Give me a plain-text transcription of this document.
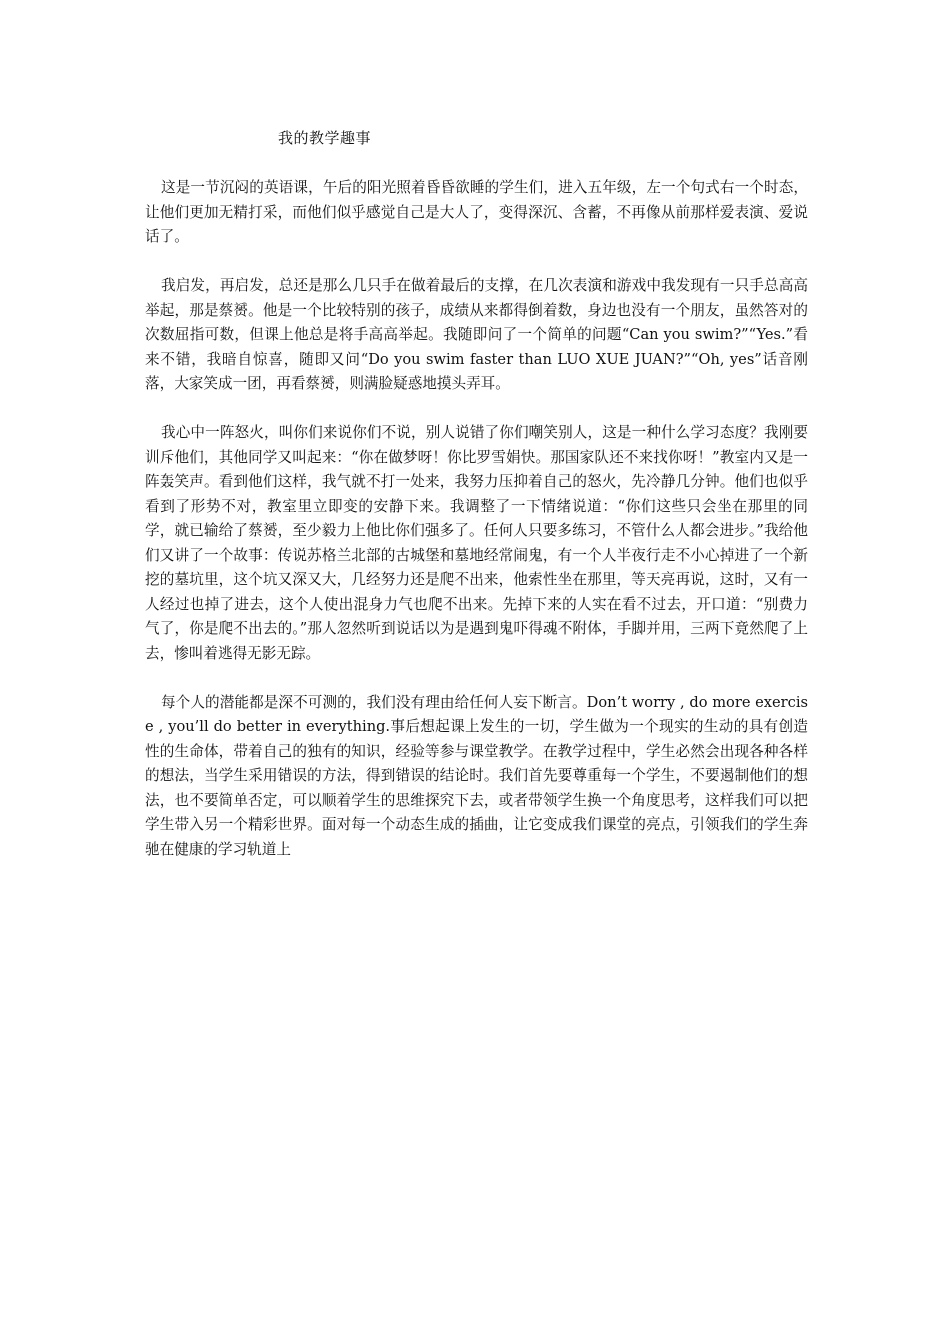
我的教学趣事

这是一节沉闷的英语课，午后的阳光照着昏昏欲睡的学生们，进入五年级，左一个句式右一个时态，让他们更加无精打采，而他们似乎感觉自己是大人了，变得深沉、含蓄，不再像从前那样爱表演、爱说话了。

我启发，再启发，总还是那么几只手在做着最后的支撑，在几次表演和游戏中我发现有一只手总高高举起，那是蔡赟。他是一个比较特别的孩子，成绩从来都得倒着数，身边也没有一个朋友，虽然答对的次数屈指可数，但课上他总是将手高高举起。我随即问了一个简单的问题“Can you swim?”“Yes.”看来不错，我暗自惊喜，随即又问“Do you swim faster than LUO XUE JUAN?”“Oh, yes”话音刚落，大家笑成一团，再看蔡赟，则满脸疑惑地摸头弄耳。

我心中一阵怒火，叫你们来说你们不说，别人说错了你们嘲笑别人，这是一种什么学习态度？我刚要训斥他们，其他同学又叫起来：“你在做梦呀！你比罗雪娟快。那国家队还不来找你呀！”教室内又是一阵轰笑声。看到他们这样，我气就不打一处来，我努力压抑着自己的怒火，先冷静几分钟。他们也似乎看到了形势不对，教室里立即变的安静下来。我调整了一下情绪说道：“你们这些只会坐在那里的同学，就已输给了蔡赟，至少毅力上他比你们强多了。任何人只要多练习，不管什么人都会进步。”我给他们又讲了一个故事：传说苏格兰北部的古城堡和墓地经常闹鬼，有一个人半夜行走不小心掉进了一个新挖的墓坑里，这个坑又深又大，几经努力还是爬不出来，他索性坐在那里，等天亮再说，这时，又有一人经过也掉了进去，这个人使出混身力气也爬不出来。先掉下来的人实在看不过去，开口道：“别费力气了，你是爬不出去的。”那人忽然听到说话以为是遇到鬼吓得魂不附体，手脚并用，三两下竟然爬了上去，惨叫着逃得无影无踪。

每个人的潜能都是深不可测的，我们没有理由给任何人妄下断言。Don’t worry , do more exercise , you’ll do better in everything.事后想起课上发生的一切，学生做为一个现实的生动的具有创造性的生命体，带着自己的独有的知识，经验等参与课堂教学。在教学过程中，学生必然会出现各种各样的想法，当学生采用错误的方法，得到错误的结论时。我们首先要尊重每一个学生，不要遏制他们的想法，也不要简单否定，可以顺着学生的思维探究下去，或者带领学生换一个角度思考，这样我们可以把学生带入另一个精彩世界。面对每一个动态生成的插曲，让它变成我们课堂的亮点，引领我们的学生奔驰在健康的学习轨道上
